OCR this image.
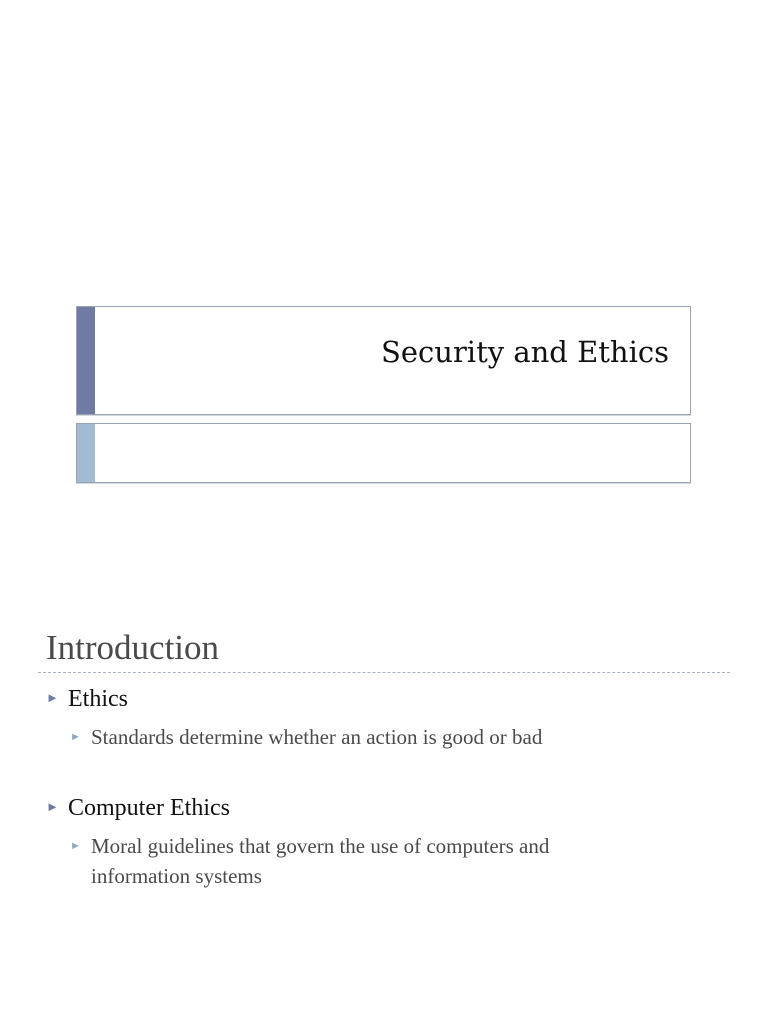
Security and Ethics
Introduction
► Ethics
► Standards determine whether an action is good or bad
► Computer Ethics
► Moral guidelines that govern the use of computers and information systems
